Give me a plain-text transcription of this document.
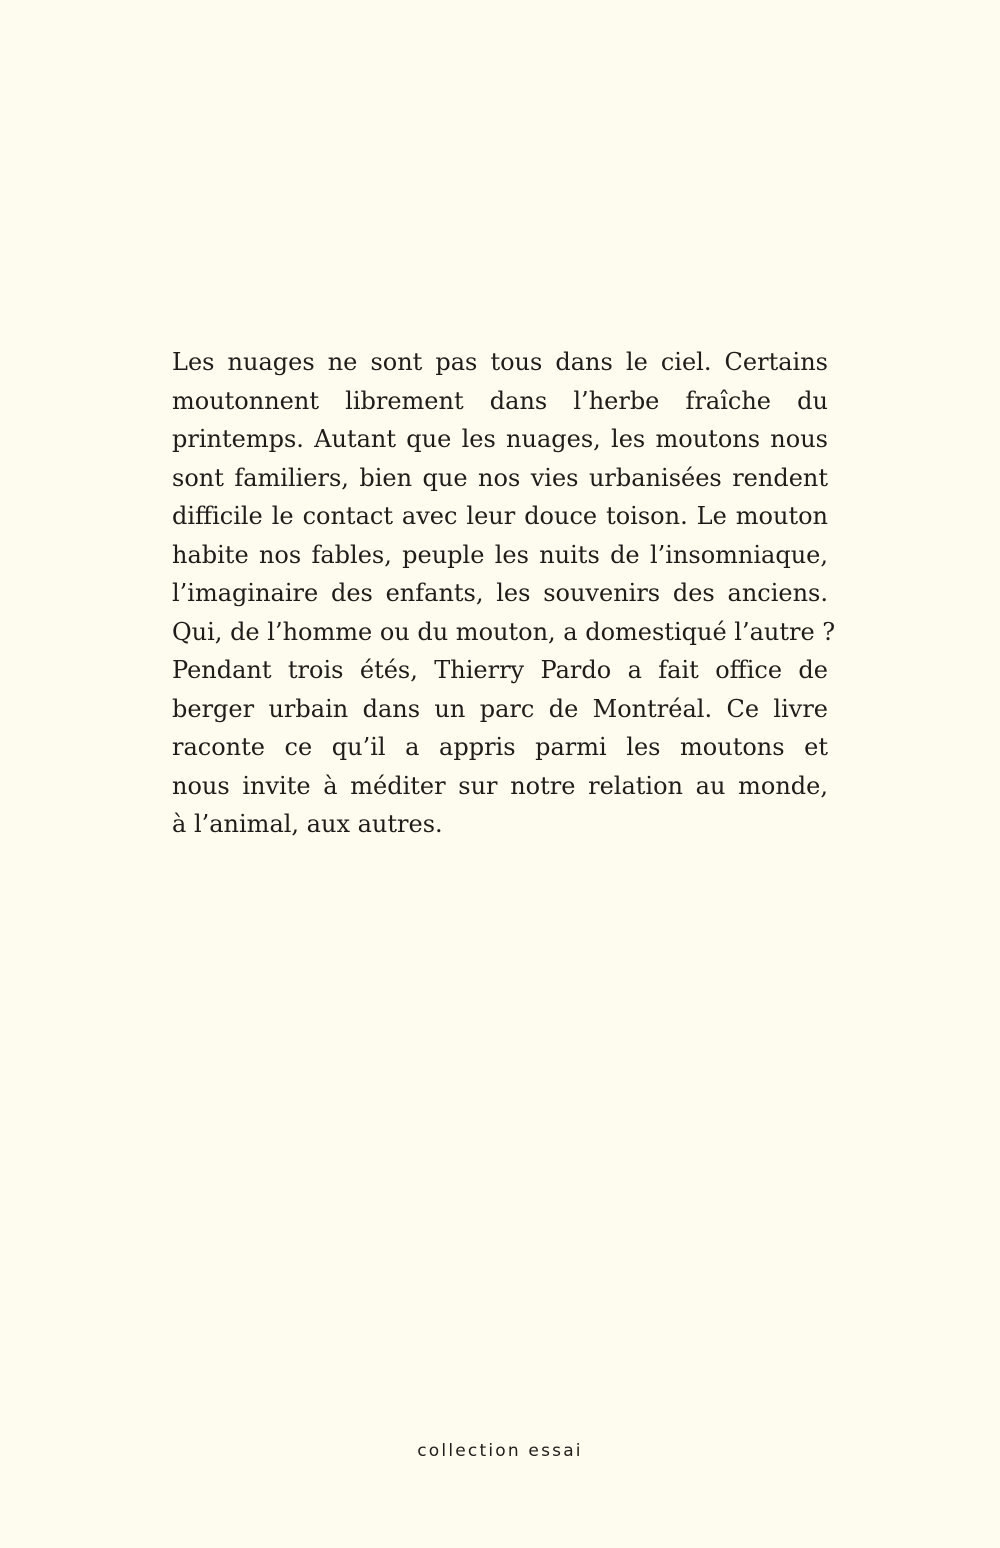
Les nuages ne sont pas tous dans le ciel. Certains
moutonnent librement dans l’herbe fraîche du
printemps. Autant que les nuages, les moutons nous
sont familiers, bien que nos vies urbanisées rendent
difficile le contact avec leur douce toison. Le mouton
habite nos fables, peuple les nuits de l’insomniaque,
l’imaginaire des enfants, les souvenirs des anciens.
Qui, de l’homme ou du mouton, a domestiqué l’autre ?
Pendant trois étés, Thierry Pardo a fait office de
berger urbain dans un parc de Montréal. Ce livre
raconte ce qu’il a appris parmi les moutons et
nous invite à méditer sur notre relation au monde,
à l’animal, aux autres.

collection essai
